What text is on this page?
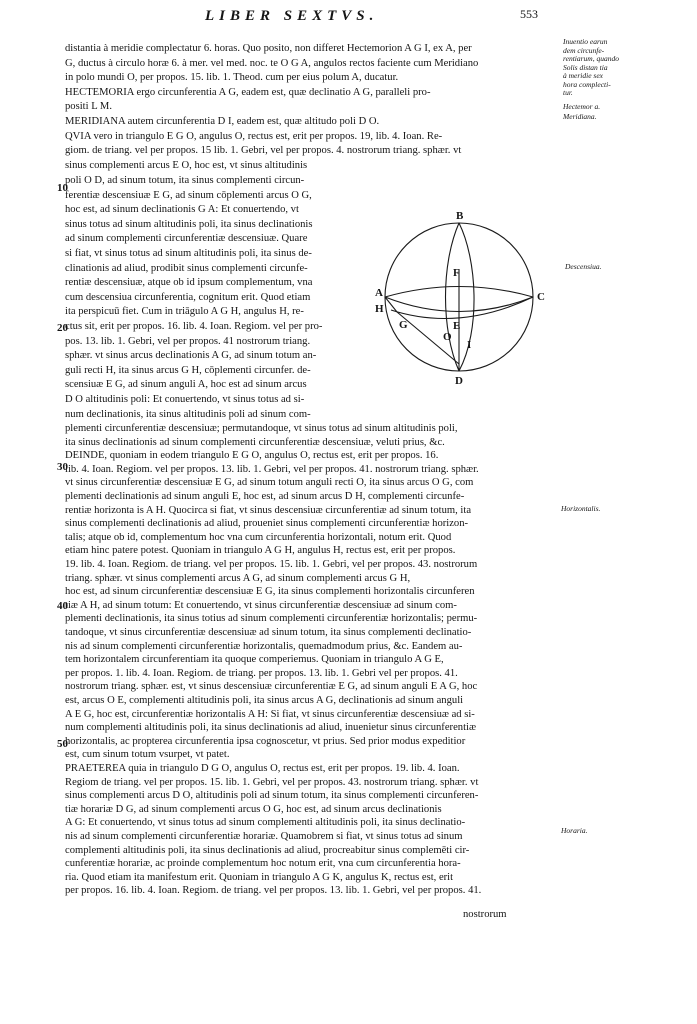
LIBER SEXTVS.	553
distantia à meridie complectatur 6. horas. Quo posito, non differet Hectemorion A G I, ex A, per
G, ductus à circulo horæ 6. à mer. vel med. noc. te O G A, angulos rectos faciente cum Meridiano
in polo mundi O, per propos. 15. lib. 1. Theod. cum per eius polum A, ducatur.
HECTEMORIA ergo circunferentia A G, eadem est, quæ declinatio A G, paralleli pro-
positi L M.
MERIDIANA autem circunferentia D I, eadem est, quæ altitudo poli D O.
QVIA vero in triangulo E G O, angulus O, rectus est, erit per propos. 19, lib. 4. Ioan. Re-
giom. de triang. vel per propos. 15 lib. 1. Gebri, vel per propos. 4. nostrorum triang. sphær. vt
sinus complementi arcus E O, hoc est, vt sinus altitudinis
poli O D, ad sinum totum, ita sinus complementi circun-
ferentiæ descensiuæ E G, ad sinum cōplementi arcus O G,
hoc est, ad sinum declinationis G A: Et conuertendo, vt
sinus totus ad sinum altitudinis poli, ita sinus declinationis
ad sinum complementi circunferentiæ descensiuæ. Quare
si fiat, vt sinus totus ad sinum altitudinis poli, ita sinus de-
clinationis ad aliud, prodibit sinus complementi circunfe-
rentiæ descensiuæ, atque ob id ipsum complementum, vna
cum descensiua circunferentia, cognitum erit. Quod etiam
ita perspicuū fiet. Cum in triāgulo A G H, angulus H, re-
ctus sit, erit per propos. 16. lib. 4. Ioan. Regiom. vel per pro-
pos. 13. lib. 1. Gebri, vel per propos. 41 nostrorum triang.
sphær. vt sinus arcus declinationis A G, ad sinum totum an-
guli recti H, ita sinus arcus G H, cōplementi circunfer. de-
scensiuæ E G, ad sinum anguli A, hoc est ad sinum arcus
D O altitudinis poli: Et conuertendo, vt sinus totus ad si-
num declinationis, ita sinus altitudinis poli ad sinum com-
plementi circunferentiæ descensiuæ; permutandoque, vt sinus totus ad sinum altitudinis poli,
ita sinus declinationis ad sinum complementi circunferentiæ descensiuæ, veluti prius, &c.
DEINDE, quoniam in eodem triangulo E G O, angulus O, rectus est, erit per propos. 16.
lib. 4. Ioan. Regiom. vel per propos. 13. lib. 1. Gebri, vel per propos. 41. nostrorum triang. sphær.
vt sinus circunferentiæ descensiuæ E G, ad sinum totum anguli recti O, ita sinus arcus O G, com
plementi declinationis ad sinum anguli E, hoc est, ad sinum arcus D H, complementi circunfe-
rentiæ horizonta is A H. Quocirca si fiat, vt sinus descensiuæ circunferentiæ ad sinum totum, ita
sinus complementi declinationis ad aliud, proueniet sinus complementi circunferentiæ horizon-
talis; atque ob id, complementum hoc vna cum circunferentia horizontali, notum erit. Quod
etiam hinc patere potest. Quoniam in triangulo A G H, angulus H, rectus est, erit per propos.
19. lib. 4. Ioan. Regiom. de triang. vel per propos. 15. lib. 1. Gebri, vel per propos. 43. nostrorum
triang. sphær. vt sinus complementi arcus A G, ad sinum complementi arcus G H,
hoc est, ad sinum circunferentiæ descensiuæ E G, ita sinus complementi horizontalis circunferen
tiæ A H, ad sinum totum: Et conuertendo, vt sinus circunferentiæ descensiuæ ad sinum com-
plementi declinationis, ita sinus totius ad sinum complementi circunferentiæ horizontalis; permu-
tandoque, vt sinus circunferentiæ descensiuæ ad sinum totum, ita sinus complementi declinatio-
nis ad sinum complementi circunferentiæ horizontalis, quemadmodum prius, &c. Eandem au-
tem horizontalem circunferentiam ita quoque comperiemus. Quoniam in triangulo A G E,
per propos. 1. lib. 4. Ioan. Regiom. de triang. per propos. 13. lib. 1. Gebri vel per propos. 41.
nostrorum triang. sphær. est, vt sinus descensiuæ circunferentiæ E G, ad sinum anguli E A G, hoc
est, arcus O E, complementi altitudinis poli, ita sinus arcus A G, declinationis ad sinum anguli
A E G, hoc est, circunferentiæ horizontalis A H: Si fiat, vt sinus circunferentiæ descensiuæ ad si-
num complementi altitudinis poli, ita sinus declinationis ad aliud, inuenietur sinus circunferentiæ
horizontalis, ac propterea circunferentia ipsa cognoscetur, vt prius. Sed prior modus expeditior
est, cum sinum totum vsurpet, vt patet.
PRAETEREA quia in triangulo D G O, angulus O, rectus est, erit per propos. 19. lib. 4. Ioan.
Regiom de triang. vel per propos. 15. lib. 1. Gebri, vel per propos. 43. nostrorum triang. sphær. vt
sinus complementi arcus D O, altitudinis poli ad sinum totum, ita sinus complementi circunferen-
tiæ horariæ D G, ad sinum complementi arcus O G, hoc est, ad sinum arcus declinationis
A G: Et conuertendo, vt sinus totus ad sinum complementi altitudinis poli, ita sinus declinatio-
nis ad sinum complementi circunferentiæ horariæ. Quamobrem si fiat, vt sinus totus ad sinum
complementi altitudinis poli, ita sinus declinationis ad aliud, procreabitur sinus complemēti cir-
cunferentiæ horariæ, ac proinde complementum hoc notum erit, vna cum circunferentia hora-
ria. Quod etiam ita manifestum erit. Quoniam in triangulo A G K, angulus K, rectus est, erit
per propos. 16. lib. 4. Ioan. Regiom. de triang. vel per propos. 13. lib. 1. Gebri, vel per propos. 41.
10
20
30
40
50
Inuentio earun
dem circunfe-
rentiarum, quando
Solis distan tia
à meridie sex
hora complecti-
tur.
Hectemor a.
Meridiana.
Descensiua.
Horizontalis.
Horaria.
B
A
H
C
F
G	E
O
I
D
nostrorum
